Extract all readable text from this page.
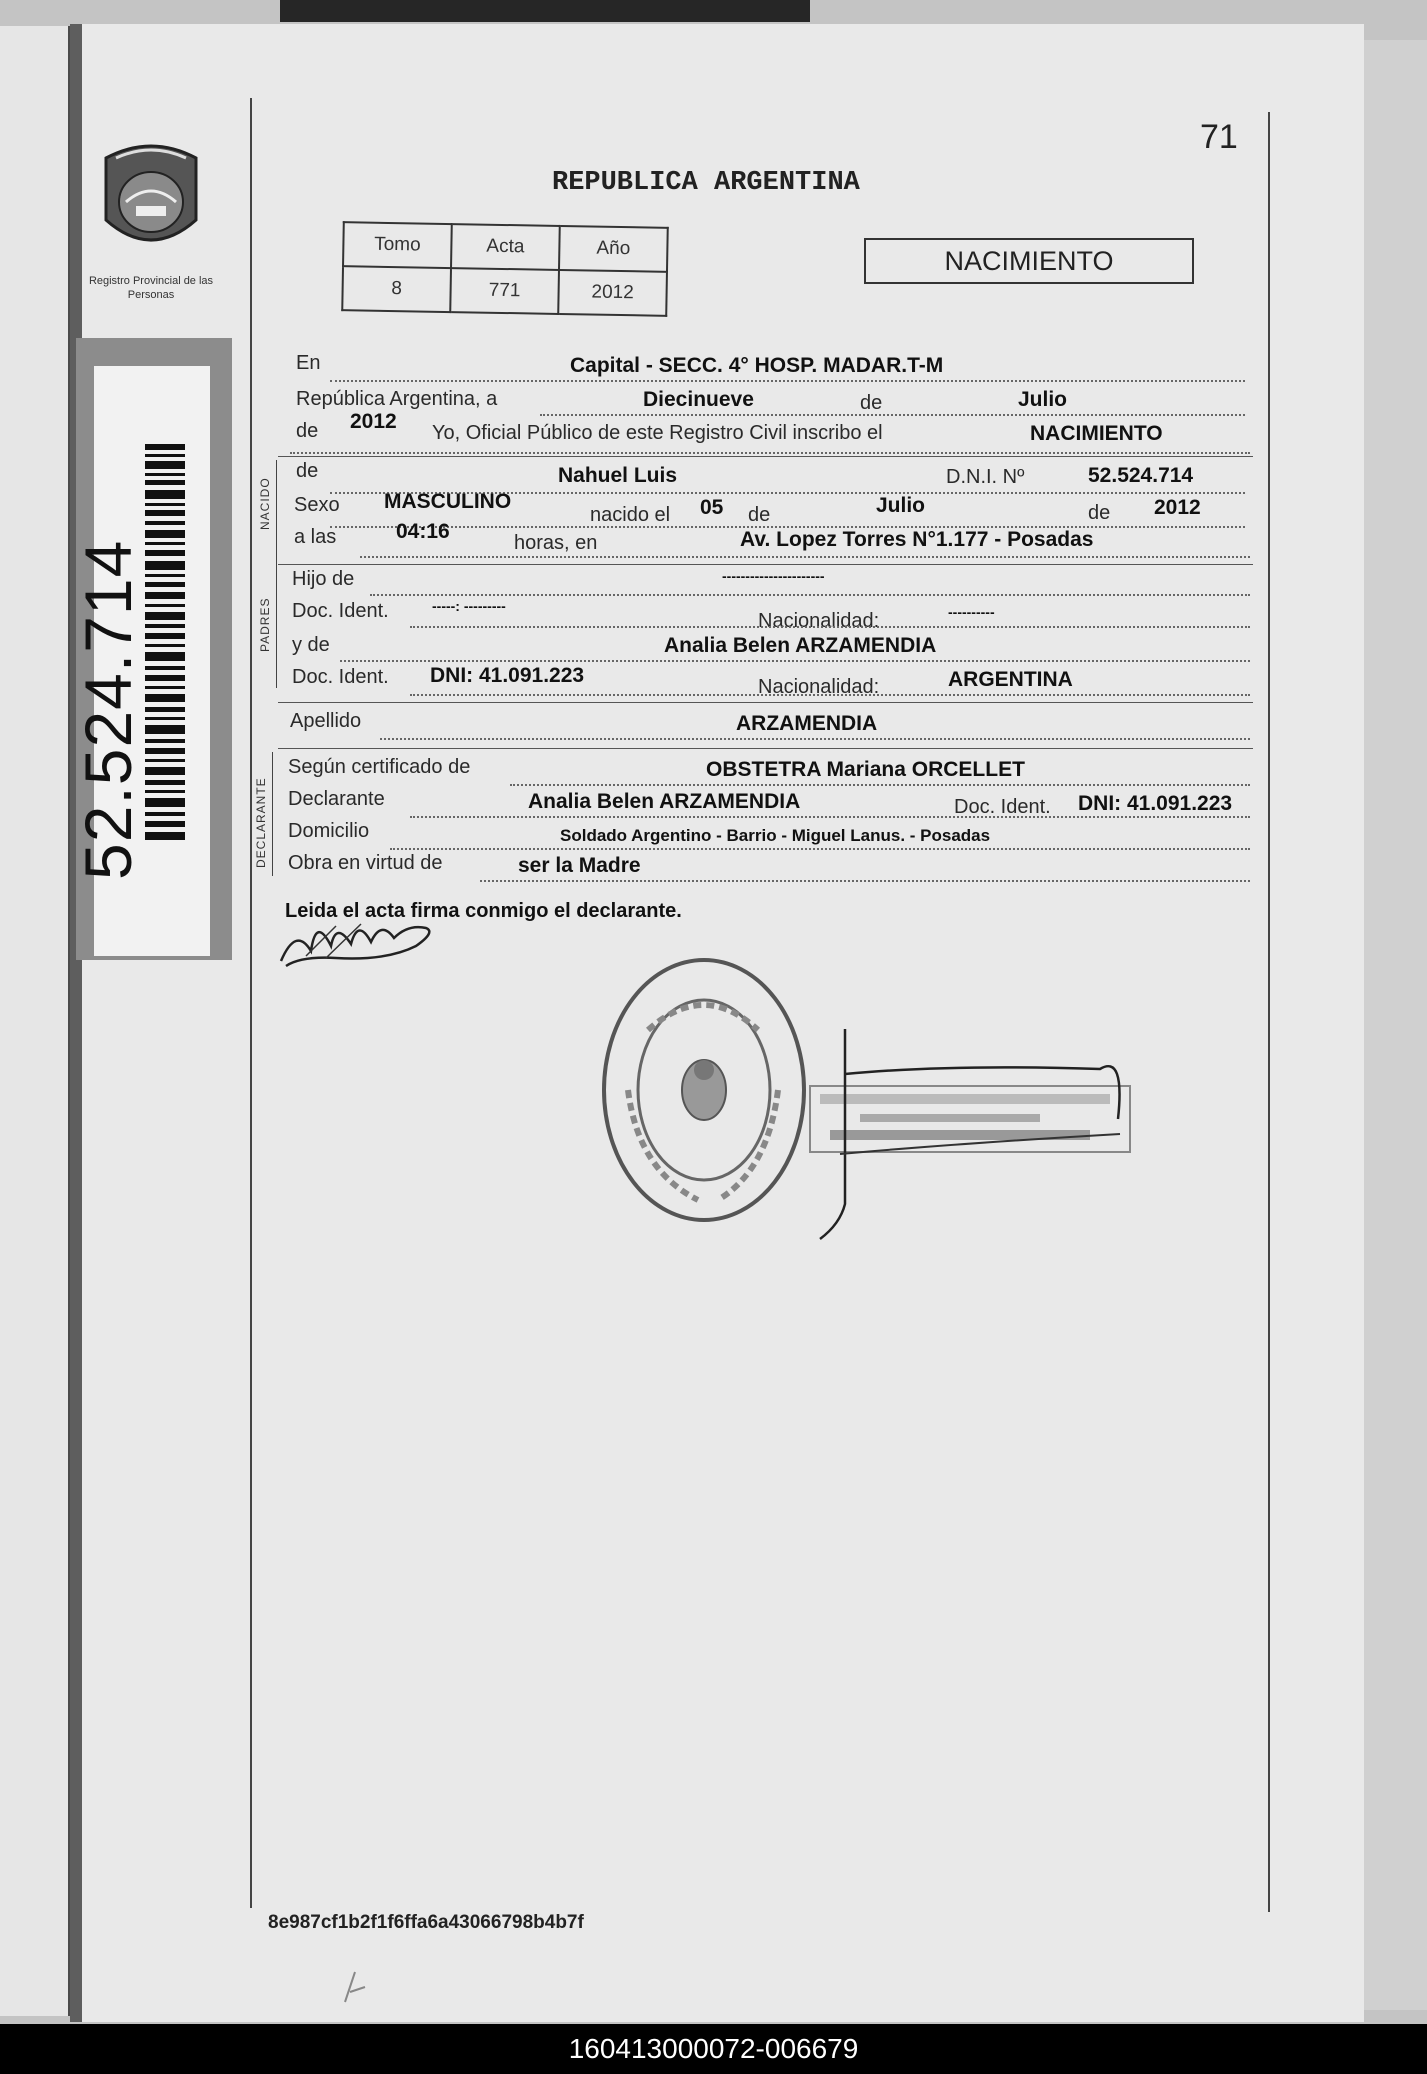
Registro Provincial de las Personas
52.524.714
71
REPUBLICA ARGENTINA
Tomo	Acta	Año
8	771	2012
NACIMIENTO
En	Capital - SECC. 4° HOSP. MADAR.T-M
República Argentina, a	Diecinueve	de	Julio
de 2012 Yo, Oficial Público de este Registro Civil inscribo el	NACIMIENTO
NACIDO
de	Nahuel Luis	D.N.I. Nº	52.524.714
Sexo MASCULINO
nacido el 05 de	Julio	de 2012
a las	04:16	horas, en	Av. Lopez Torres N°1.177 - Posadas
PADRES
Hijo de	----------------------
Doc. Ident.	-----: ---------
Nacionalidad:	----------
y de	Analia Belen ARZAMENDIA
Doc. Ident. DNI: 41.091.223	Nacionalidad:	ARGENTINA
Apellido	ARZAMENDIA
DECLARANTE
Según certificado de	OBSTETRA Mariana ORCELLET
Declarante	Analia Belen ARZAMENDIA	Doc. Ident. DNI: 41.091.223
Domicilio	Soldado Argentino - Barrio - Miguel Lanus. - Posadas
Obra en virtud de	ser la Madre
Leida el acta firma conmigo el declarante.
8e987cf1b2f1f6ffa6a43066798b4b7f
160413000072-006679
